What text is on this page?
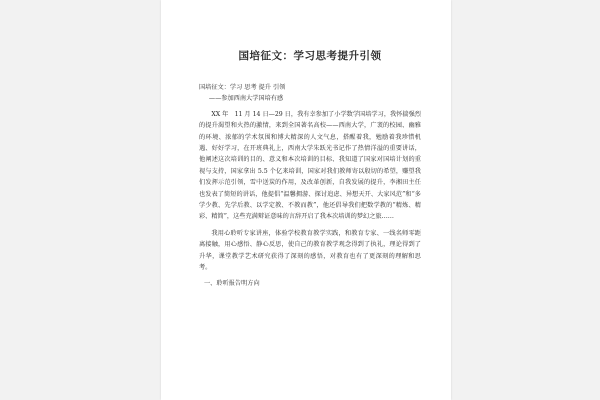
国培征文：学习思考提升引领

国培征文：学习 思考 提升 引领

——参加西南大学国培有感

XX 年　11 月 14 日—29 日，我有幸参加了小学数学国培学习，我怀揣强烈的提升渴望和火热的激情，来到全国著名高校——西南大学，广袤的校园、幽雅的环境、浓郁的学术氛围和博大精深的人文气息，搭醒着我，勉励着我珍惜机遇、好好学习，在开班典礼上，西南大学朱跃光书记作了热情洋溢的重要讲话，他阐述这次培训的目的、意义和本次培训的目标、我知道了国家对国培计划的重视与支持，国家拿出 5.5 个亿来培训，国家对我们教师寄以殷切的希望，赚望我们发挥示范引领，雪中送炭的作用，及改革创新，自我发展的提升，李湘田主任也发表了简短的讲话，他提倡“温馨拥游、探讨追虑、异想天开、大家风范”和“多学少教、先学后教、以学定教、不教而教”，他还倡导我们把数学教的“精炼、精彩、精简”，这些充满辩证意味的言辞开启了我本次培训的梦幻之旅……

我用心聆听专家讲座，体验学校教育教学实践，和教育专家、一线名师零距离接触，用心感悟、静心反思，使自己的教育教学观念得到了执礼，理论得到了升华，课堂教学艺术研究获得了深刻的感悟，对教育也有了更深刻的理解和思考。

一、聆听报告明方向
